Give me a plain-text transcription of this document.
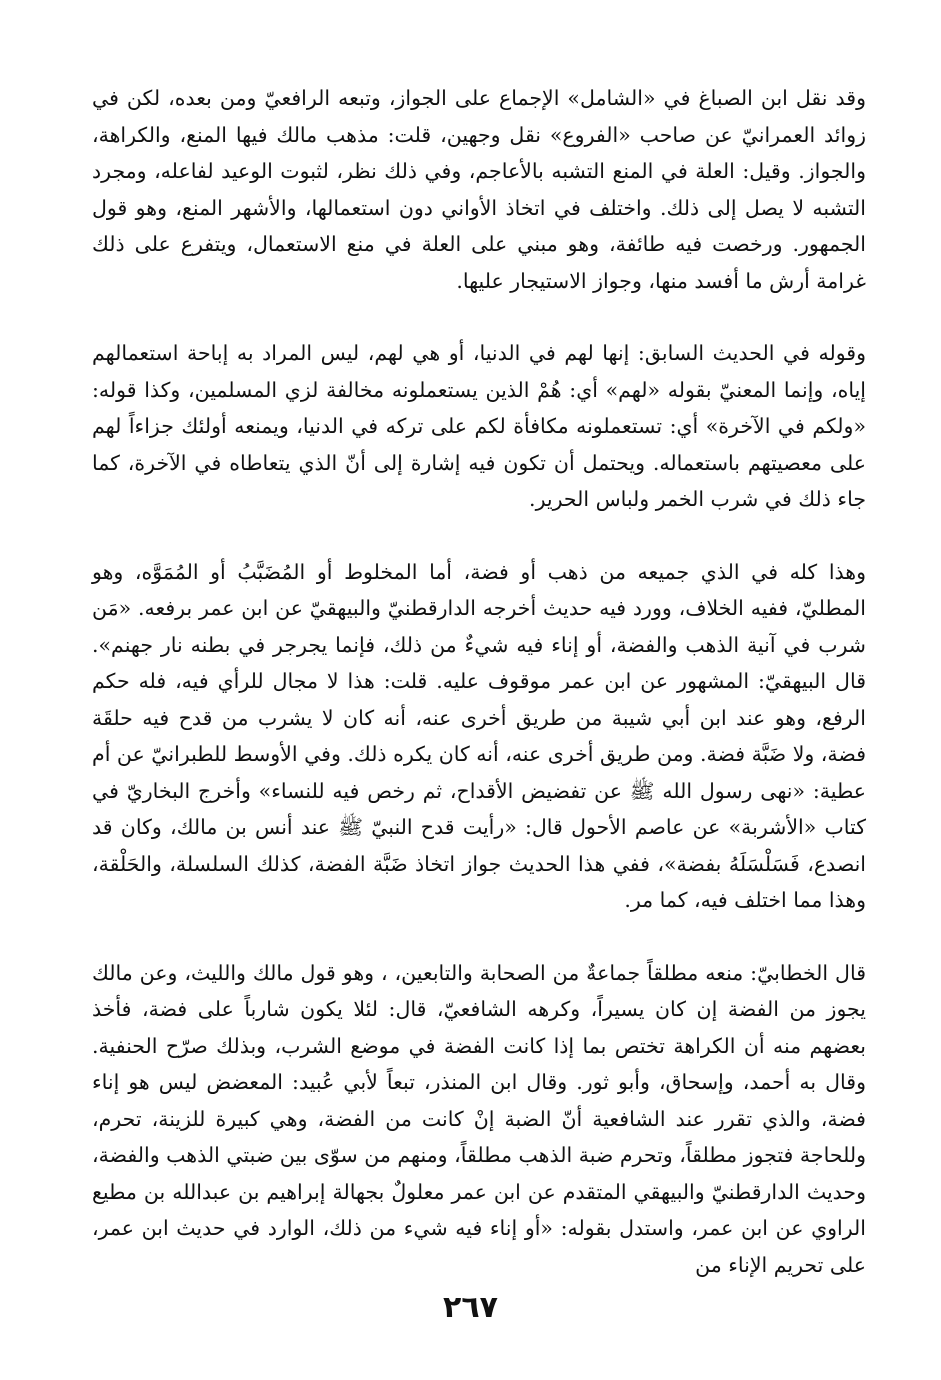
وقد نقل ابن الصباغ في «الشامل» الإجماع على الجواز، وتبعه الرافعيّ ومن بعده، لكن في زوائد العمرانيّ عن صاحب «الفروع» نقل وجهين، قلت: مذهب مالك فيها المنع، والكراهة، والجواز. وقيل: العلة في المنع التشبه بالأعاجم، وفي ذلك نظر، لثبوت الوعيد لفاعله، ومجرد التشبه لا يصل إلى ذلك. واختلف في اتخاذ الأواني دون استعمالها، والأشهر المنع، وهو قول الجمهور. ورخصت فيه طائفة، وهو مبني على العلة في منع الاستعمال، ويتفرع على ذلك غرامة أرش ما أفسد منها، وجواز الاستيجار عليها.

وقوله في الحديث السابق: إنها لهم في الدنيا، أو هي لهم، ليس المراد به إباحة استعمالهم إياه، وإنما المعنيّ بقوله «لهم» أي: هُمْ الذين يستعملونه مخالفة لزي المسلمين، وكذا قوله: «ولكم في الآخرة» أي: تستعملونه مكافأة لكم على تركه في الدنيا، ويمنعه أولئك جزاءاً لهم على معصيتهم باستعماله. ويحتمل أن تكون فيه إشارة إلى أنّ الذي يتعاطاه في الآخرة، كما جاء ذلك في شرب الخمر ولباس الحرير.

وهذا كله في الذي جميعه من ذهب أو فضة، أما المخلوط أو المُضَبَّبُ أو المُمَوَّه، وهو المطليّ، ففيه الخلاف، وورد فيه حديث أخرجه الدارقطنيّ والبيهقيّ عن ابن عمر برفعه. «مَن شرب في آنية الذهب والفضة، أو إناء فيه شيءٌ من ذلك، فإنما يجرجر في بطنه نار جهنم». قال البيهقيّ: المشهور عن ابن عمر موقوف عليه. قلت: هذا لا مجال للرأي فيه، فله حكم الرفع، وهو عند ابن أبي شيبة من طريق أخرى عنه، أنه كان لا يشرب من قدح فيه حلقَة فضة، ولا ضَبَّة فضة. ومن طريق أخرى عنه، أنه كان يكره ذلك. وفي الأوسط للطبرانيّ عن أم عطية: «نهى رسول الله ﷺ عن تفضيض الأقداح، ثم رخص فيه للنساء» وأخرج البخاريّ في كتاب «الأشربة» عن عاصم الأحول قال: «رأيت قدح النبيّ ﷺ عند أنس بن مالك، وكان قد انصدع، فَسَلْسَلَهُ بفضة»، ففي هذا الحديث جواز اتخاذ ضَبَّة الفضة، كذلك السلسلة، والحَلْقة، وهذا مما اختلف فيه، كما مر.

قال الخطابيّ: منعه مطلقاً جماعةٌ من الصحابة والتابعين، ، وهو قول مالك والليث، وعن مالك يجوز من الفضة إن كان يسيراً، وكرهه الشافعيّ، قال: لئلا يكون شارباً على فضة، فأخذ بعضهم منه أن الكراهة تختص بما إذا كانت الفضة في موضع الشرب، وبذلك صرّح الحنفية. وقال به أحمد، وإسحاق، وأبو ثور. وقال ابن المنذر، تبعاً لأبي عُبيد: المعضض ليس هو إناء فضة، والذي تقرر عند الشافعية أنّ الضبة إنْ كانت من الفضة، وهي كبيرة للزينة، تحرم، وللحاجة فتجوز مطلقاً، وتحرم ضبة الذهب مطلقاً، ومنهم من سوّى بين ضبتي الذهب والفضة، وحديث الدارقطنيّ والبيهقي المتقدم عن ابن عمر معلولٌ بجهالة إبراهيم بن عبدالله بن مطيع الراوي عن ابن عمر، واستدل بقوله: «أو إناء فيه شيء من ذلك، الوارد في حديث ابن عمر، على تحريم الإناء من

٢٦٧
